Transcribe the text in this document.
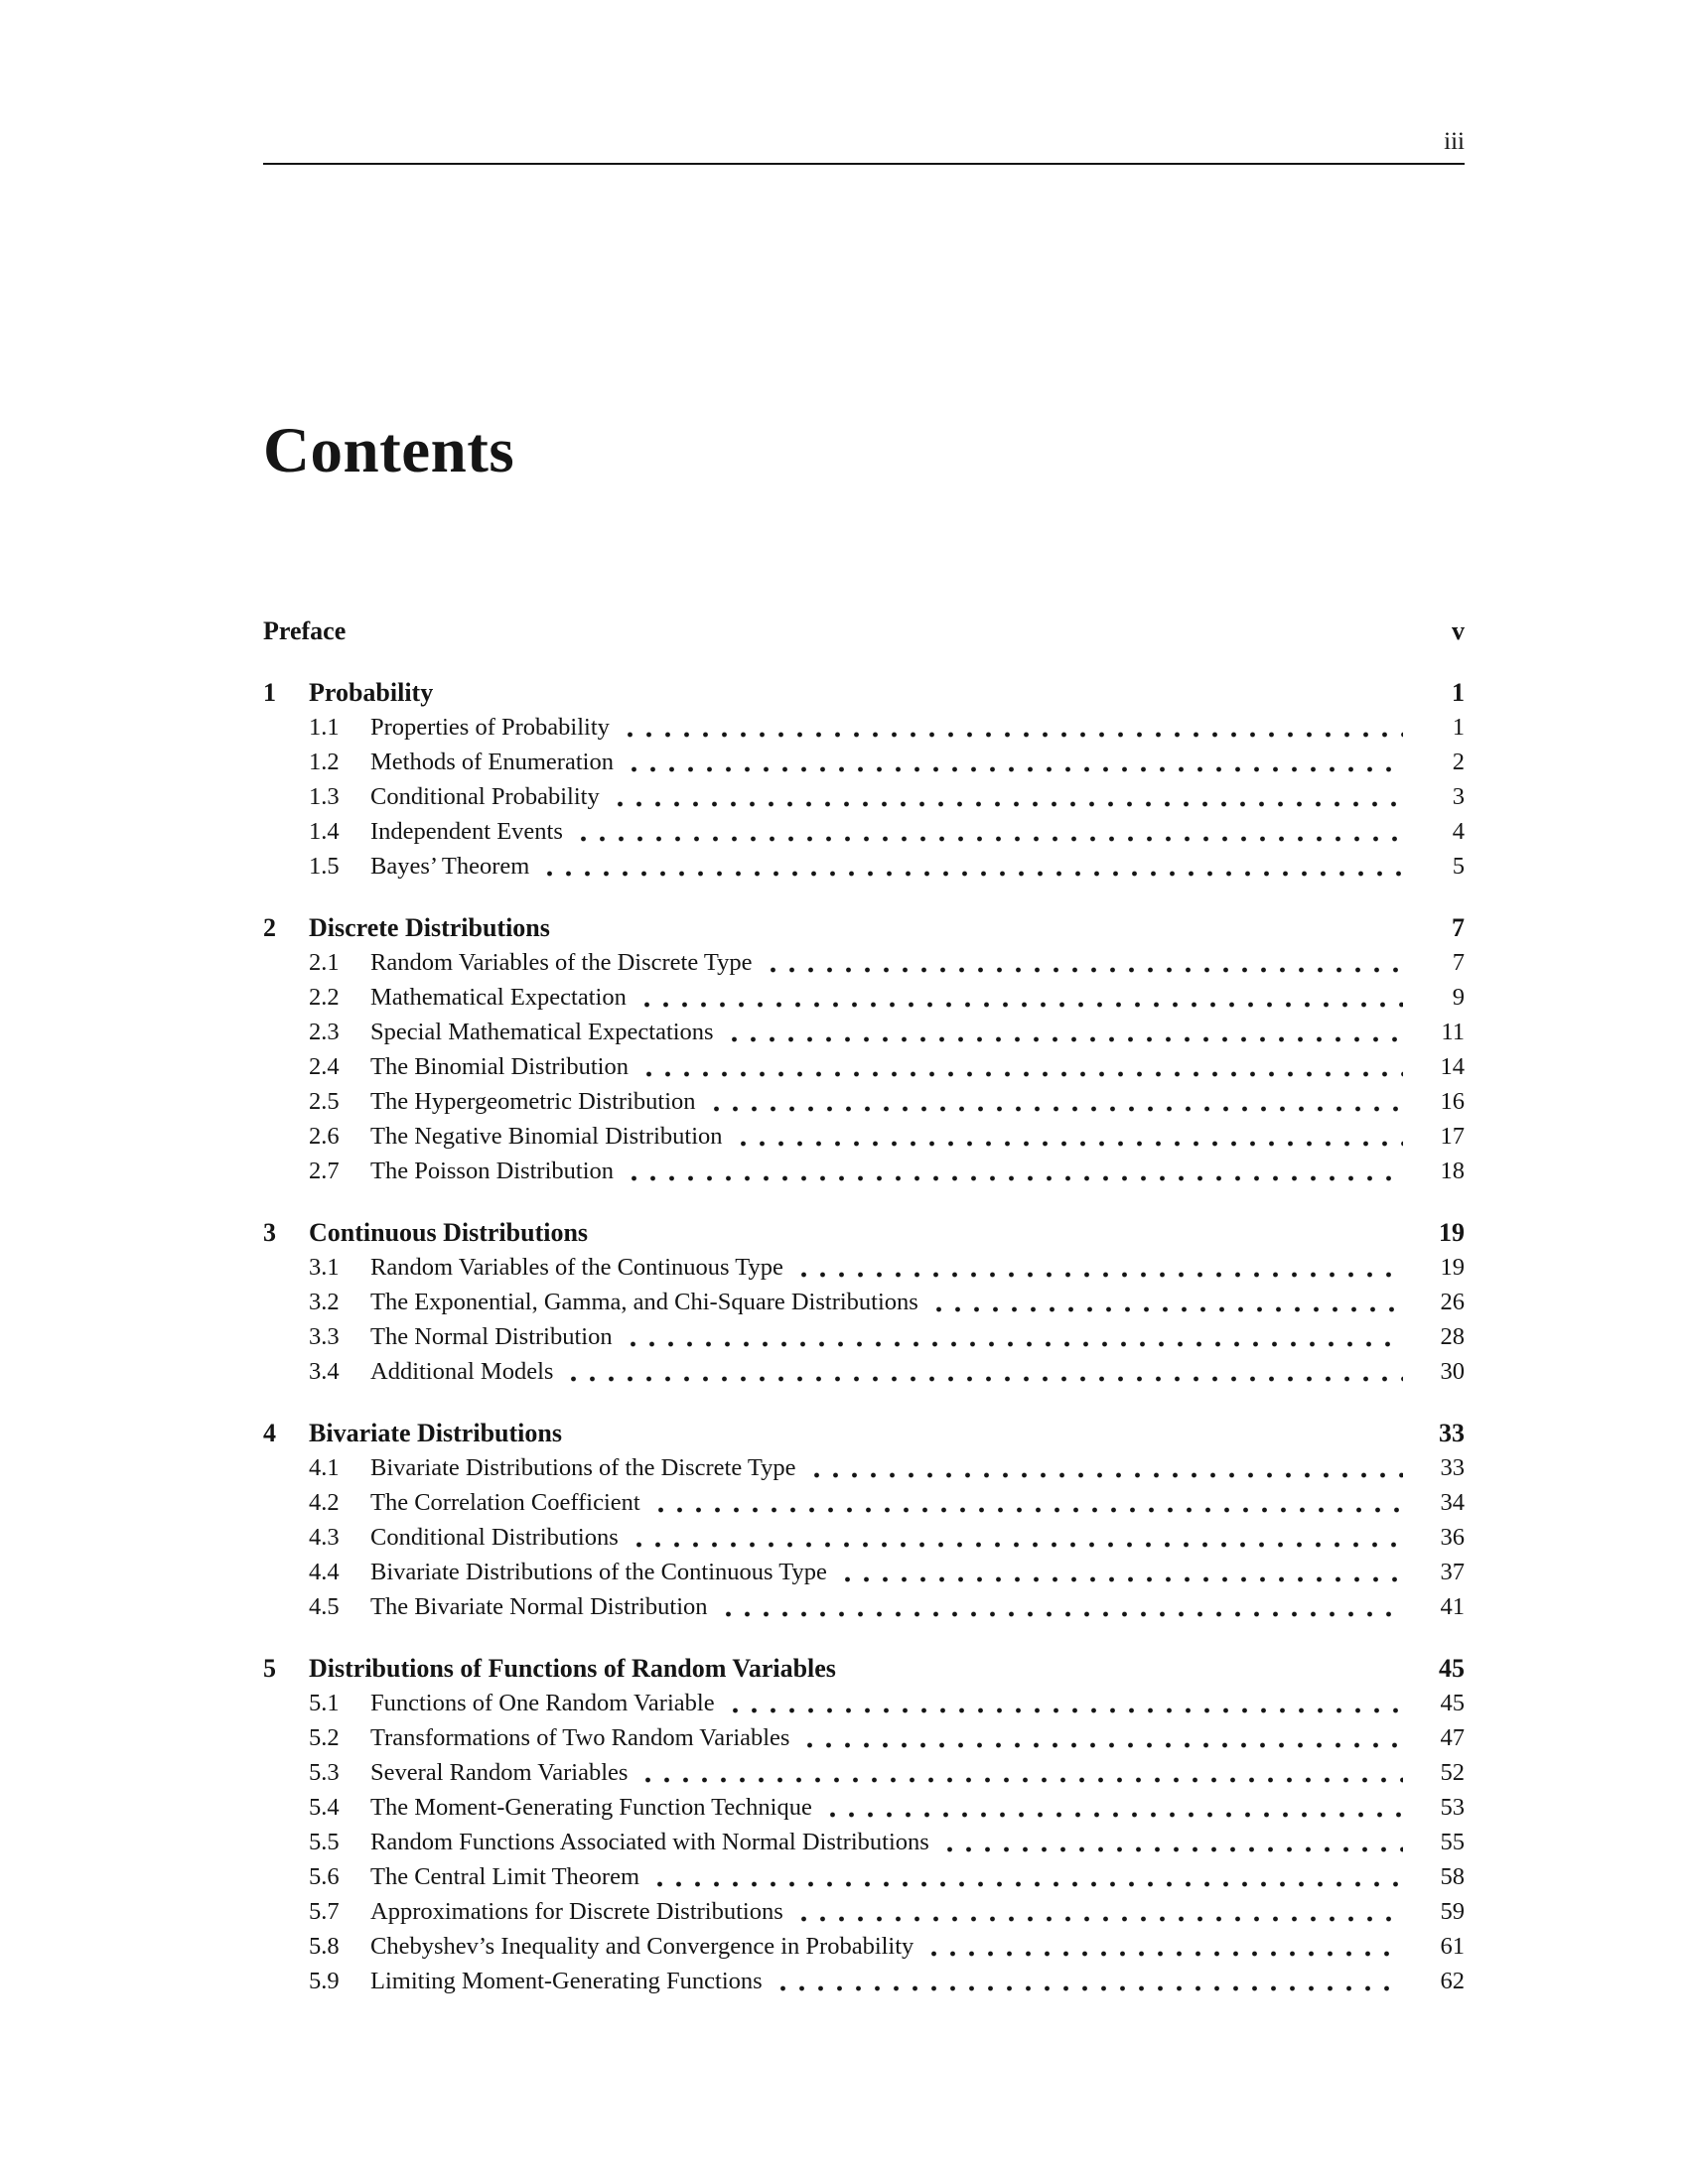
iii
Contents
Preface	v
1	Probability	1
1.1	Properties of Probability	1
1.2	Methods of Enumeration	2
1.3	Conditional Probability	3
1.4	Independent Events	4
1.5	Bayes’ Theorem	5
2	Discrete Distributions	7
2.1	Random Variables of the Discrete Type	7
2.2	Mathematical Expectation	9
2.3	Special Mathematical Expectations	11
2.4	The Binomial Distribution	14
2.5	The Hypergeometric Distribution	16
2.6	The Negative Binomial Distribution	17
2.7	The Poisson Distribution	18
3	Continuous Distributions	19
3.1	Random Variables of the Continuous Type	19
3.2	The Exponential, Gamma, and Chi-Square Distributions	26
3.3	The Normal Distribution	28
3.4	Additional Models	30
4	Bivariate Distributions	33
4.1	Bivariate Distributions of the Discrete Type	33
4.2	The Correlation Coefficient	34
4.3	Conditional Distributions	36
4.4	Bivariate Distributions of the Continuous Type	37
4.5	The Bivariate Normal Distribution	41
5	Distributions of Functions of Random Variables	45
5.1	Functions of One Random Variable	45
5.2	Transformations of Two Random Variables	47
5.3	Several Random Variables	52
5.4	The Moment-Generating Function Technique	53
5.5	Random Functions Associated with Normal Distributions	55
5.6	The Central Limit Theorem	58
5.7	Approximations for Discrete Distributions	59
5.8	Chebyshev’s Inequality and Convergence in Probability	61
5.9	Limiting Moment-Generating Functions	62
